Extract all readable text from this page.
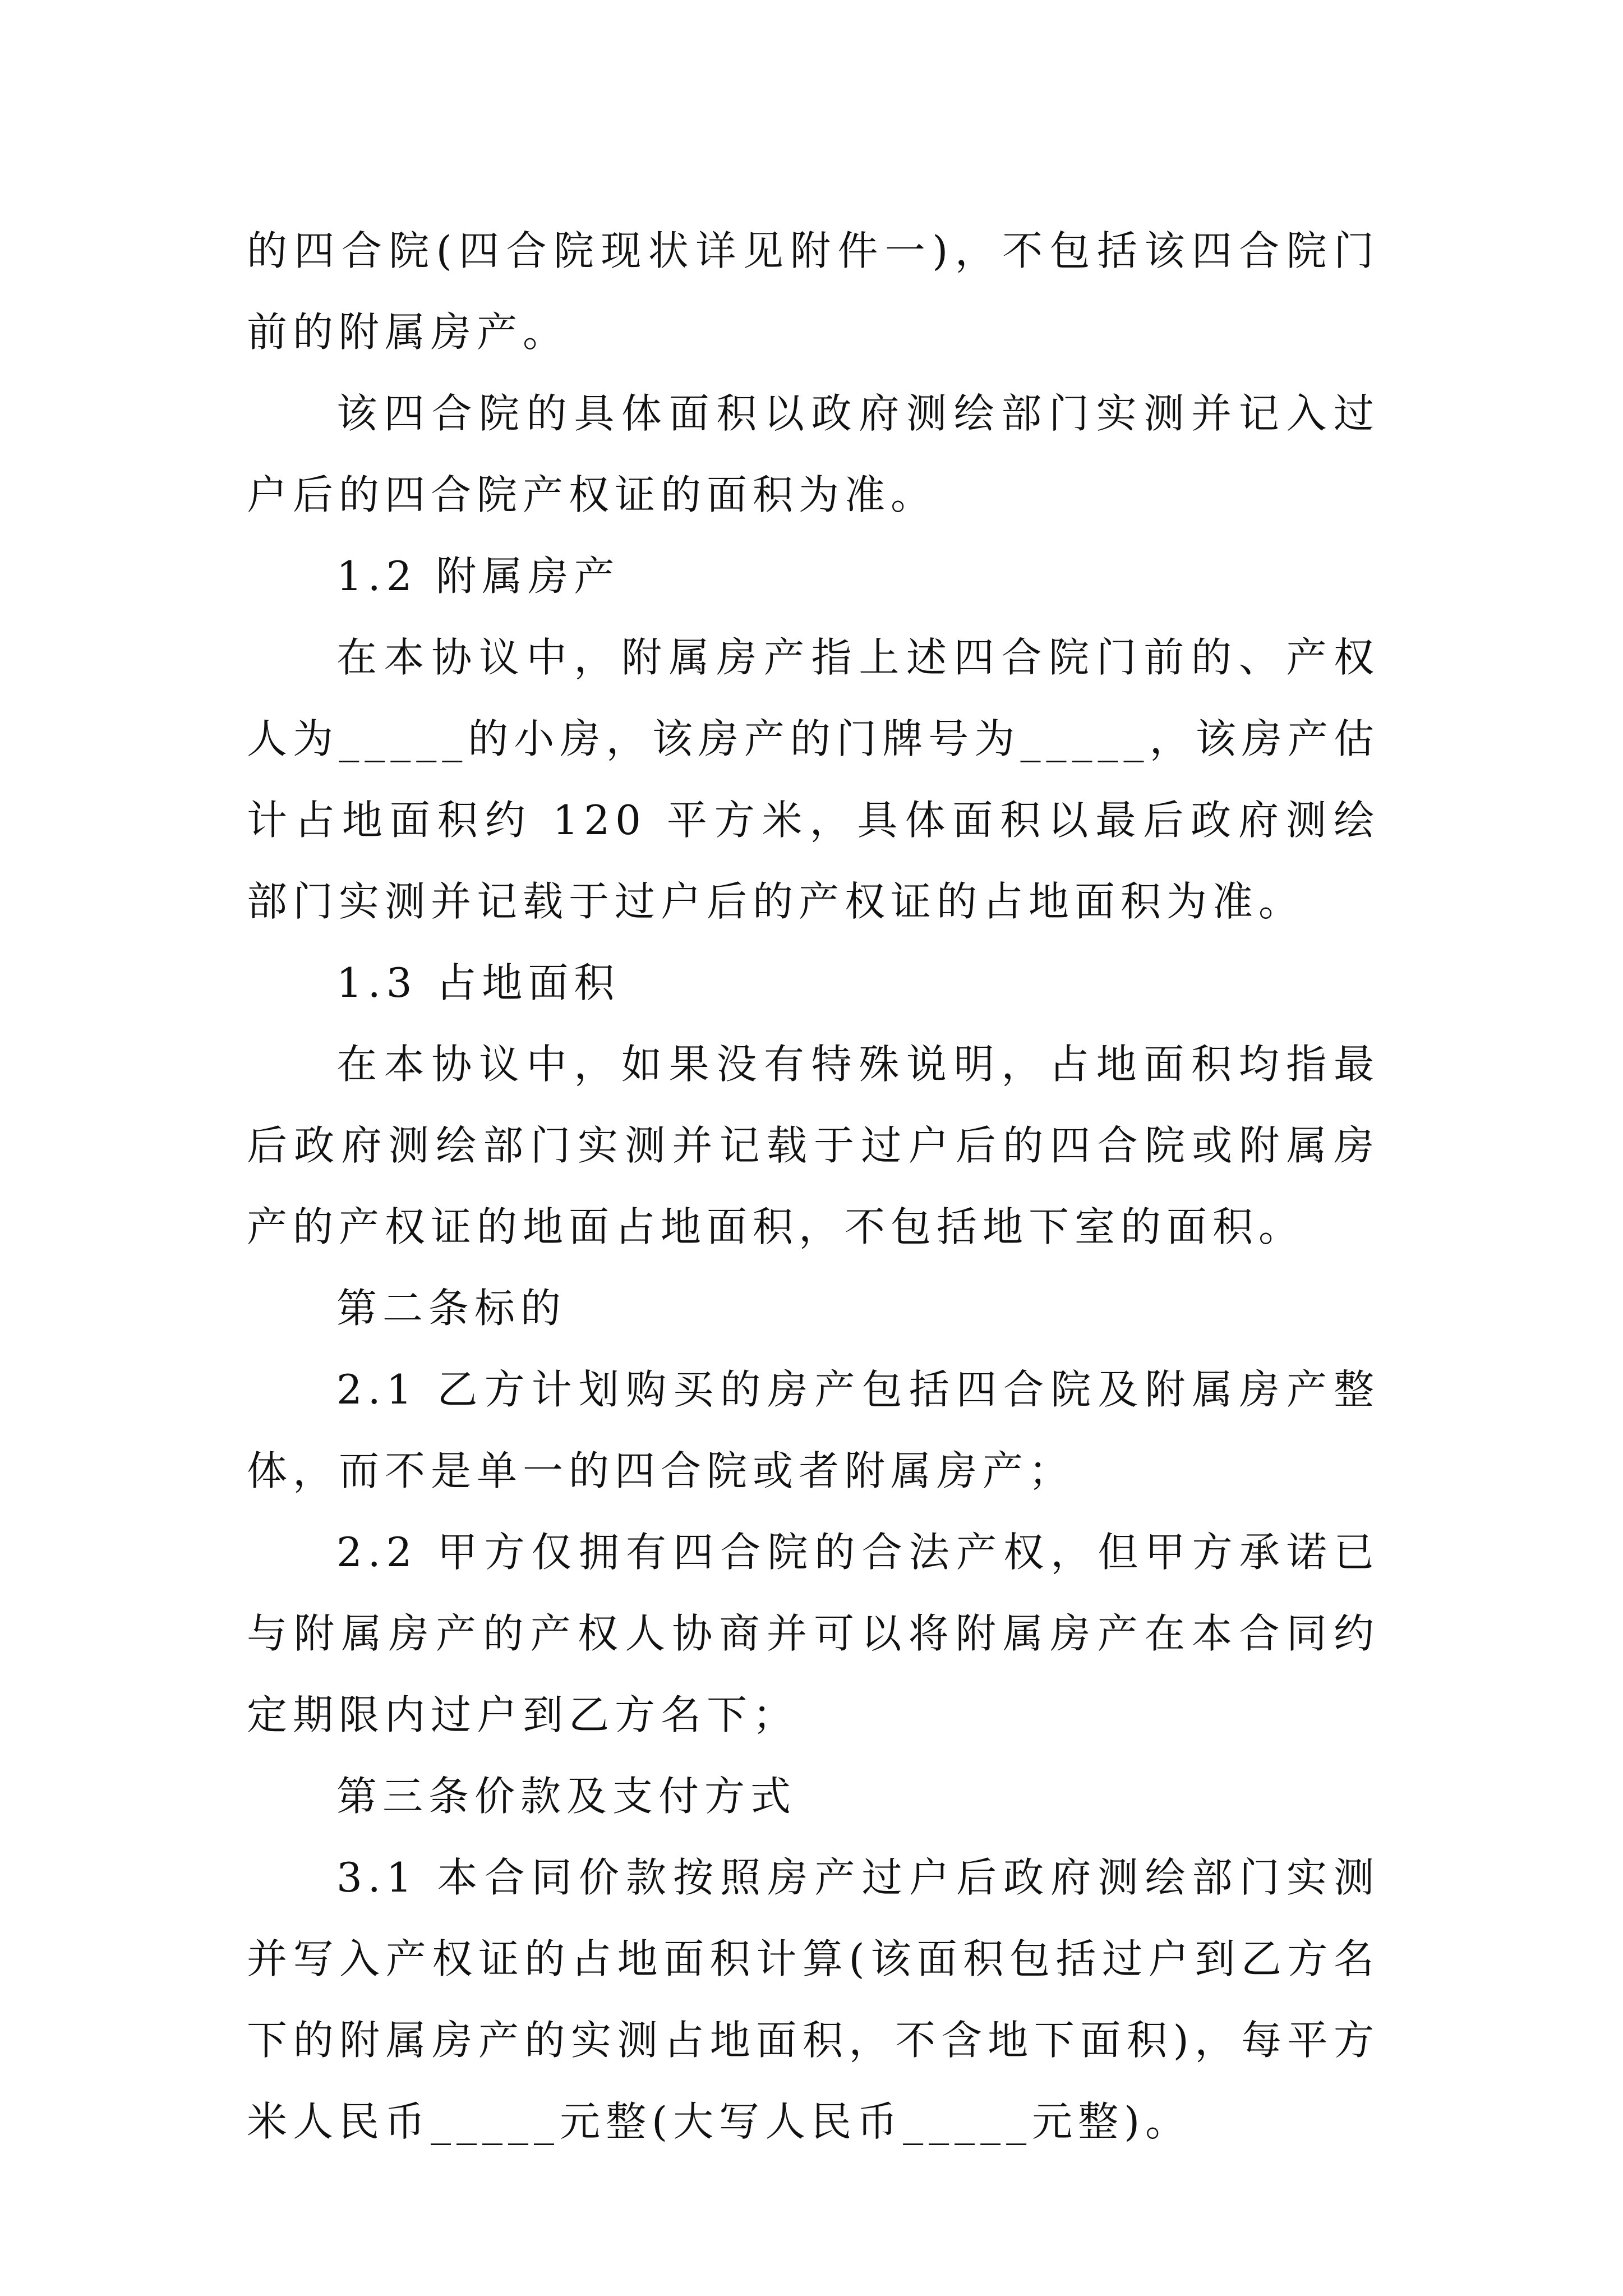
的四合院(四合院现状详见附件一)，不包括该四合院门前的附属房产。

该四合院的具体面积以政府测绘部门实测并记入过户后的四合院产权证的面积为准。

1.2 附属房产

在本协议中，附属房产指上述四合院门前的、产权人为_____的小房，该房产的门牌号为_____，该房产估计占地面积约 120 平方米，具体面积以最后政府测绘部门实测并记载于过户后的产权证的占地面积为准。

1.3 占地面积

在本协议中，如果没有特殊说明，占地面积均指最后政府测绘部门实测并记载于过户后的四合院或附属房产的产权证的地面占地面积，不包括地下室的面积。

第二条标的

2.1 乙方计划购买的房产包括四合院及附属房产整体，而不是单一的四合院或者附属房产；

2.2 甲方仅拥有四合院的合法产权，但甲方承诺已与附属房产的产权人协商并可以将附属房产在本合同约定期限内过户到乙方名下；

第三条价款及支付方式

3.1 本合同价款按照房产过户后政府测绘部门实测并写入产权证的占地面积计算(该面积包括过户到乙方名下的附属房产的实测占地面积，不含地下面积)，每平方米人民币_____元整(大写人民币_____元整)。
